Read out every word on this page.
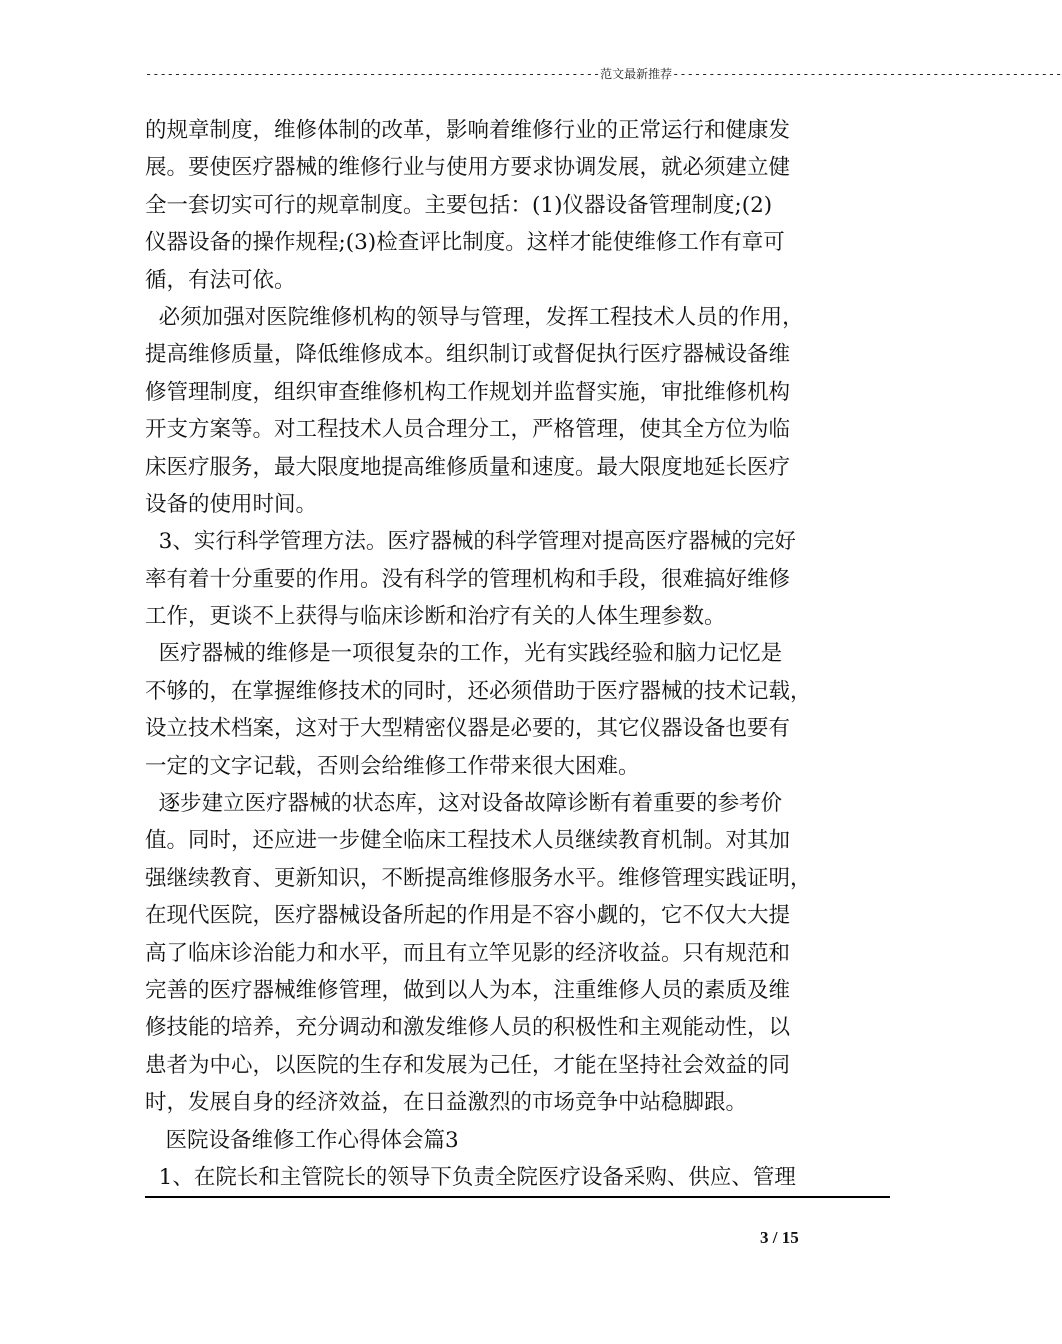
---------------------------------------------------------------范文最新推荐------------------------------------------------------
的规章制度，维修体制的改革，影响着维修行业的正常运行和健康发
展。要使医疗器械的维修行业与使用方要求协调发展，就必须建立健
全一套切实可行的规章制度。主要包括：(1)仪器设备管理制度;(2)
仪器设备的操作规程;(3)检查评比制度。这样才能使维修工作有章可
循，有法可依。
必须加强对医院维修机构的领导与管理，发挥工程技术人员的作用，
提高维修质量，降低维修成本。组织制订或督促执行医疗器械设备维
修管理制度，组织审查维修机构工作规划并监督实施，审批维修机构
开支方案等。对工程技术人员合理分工，严格管理，使其全方位为临
床医疗服务，最大限度地提高维修质量和速度。最大限度地延长医疗
设备的使用时间。
3、实行科学管理方法。医疗器械的科学管理对提高医疗器械的完好
率有着十分重要的作用。没有科学的管理机构和手段，很难搞好维修
工作，更谈不上获得与临床诊断和治疗有关的人体生理参数。
医疗器械的维修是一项很复杂的工作，光有实践经验和脑力记忆是
不够的，在掌握维修技术的同时，还必须借助于医疗器械的技术记载，
设立技术档案，这对于大型精密仪器是必要的，其它仪器设备也要有
一定的文字记载，否则会给维修工作带来很大困难。
逐步建立医疗器械的状态库，这对设备故障诊断有着重要的参考价
值。同时，还应进一步健全临床工程技术人员继续教育机制。对其加
强继续教育、更新知识，不断提高维修服务水平。维修管理实践证明，
在现代医院，医疗器械设备所起的作用是不容小觑的，它不仅大大提
高了临床诊治能力和水平，而且有立竿见影的经济收益。只有规范和
完善的医疗器械维修管理，做到以人为本，注重维修人员的素质及维
修技能的培养，充分调动和激发维修人员的积极性和主观能动性，以
患者为中心，以医院的生存和发展为己任，才能在坚持社会效益的同
时，发展自身的经济效益，在日益激烈的市场竞争中站稳脚跟。
医院设备维修工作心得体会篇3
1、在院长和主管院长的领导下负责全院医疗设备采购、供应、管理
3 / 15
